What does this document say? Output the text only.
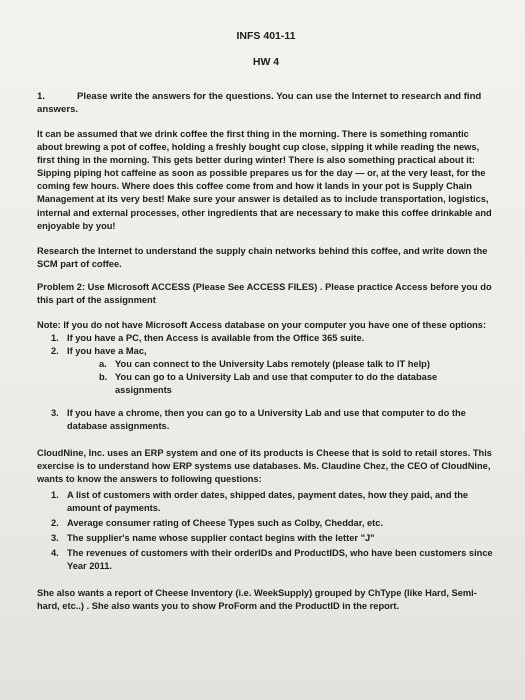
INFS 401-11

HW 4

1.	Please write the answers for the questions. You can use the Internet to research and find answers.

It can be assumed that we drink coffee the first thing in the morning. There is something romantic about brewing a pot of coffee, holding a freshly bought cup close, sipping it while reading the news, first thing in the morning. This gets better during winter! There is also something practical about it: Sipping piping hot caffeine as soon as possible prepares us for the day — or, at the very least, for the coming few hours. Where does this coffee come from and how it lands in your pot is Supply Chain Management at its very best! Make sure your answer is detailed as to include transportation, logistics, internal and external processes, other ingredients that are necessary to make this coffee drinkable and enjoyable by you!

Research the Internet to understand the supply chain networks behind this coffee, and write down the SCM part of coffee.

Problem 2: Use Microsoft ACCESS (Please See ACCESS FILES) . Please practice Access before you do this part of the assignment

Note: If you do not have Microsoft Access database on your computer you have one of these options:

1. If you have a PC, then Access is available from the Office 365 suite.
2. If you have a Mac,
a. You can connect to the University Labs remotely (please talk to IT help)
b. You can go to a University Lab and use that computer to do the database assignments
3. If you have a chrome, then you can go to a University Lab and use that computer to do the database assignments.

CloudNine, Inc. uses an ERP system and one of its products is Cheese that is sold to retail stores. This exercise is to understand how ERP systems use databases. Ms. Claudine Chez, the CEO of CloudNine, wants to know the answers to following questions:

1. A list of customers with order dates, shipped dates, payment dates, how they paid, and the amount of payments.
2. Average consumer rating of Cheese Types such as Colby, Cheddar, etc.
3. The supplier's name whose supplier contact begins with the letter "J"
4. The revenues of customers with their orderIDs and ProductIDS, who have been customers since Year 2011.

She also wants a report of Cheese Inventory (i.e. WeekSupply) grouped by ChType (like Hard, Semi-hard, etc..) . She also wants you to show ProForm and the ProductID in the report.
